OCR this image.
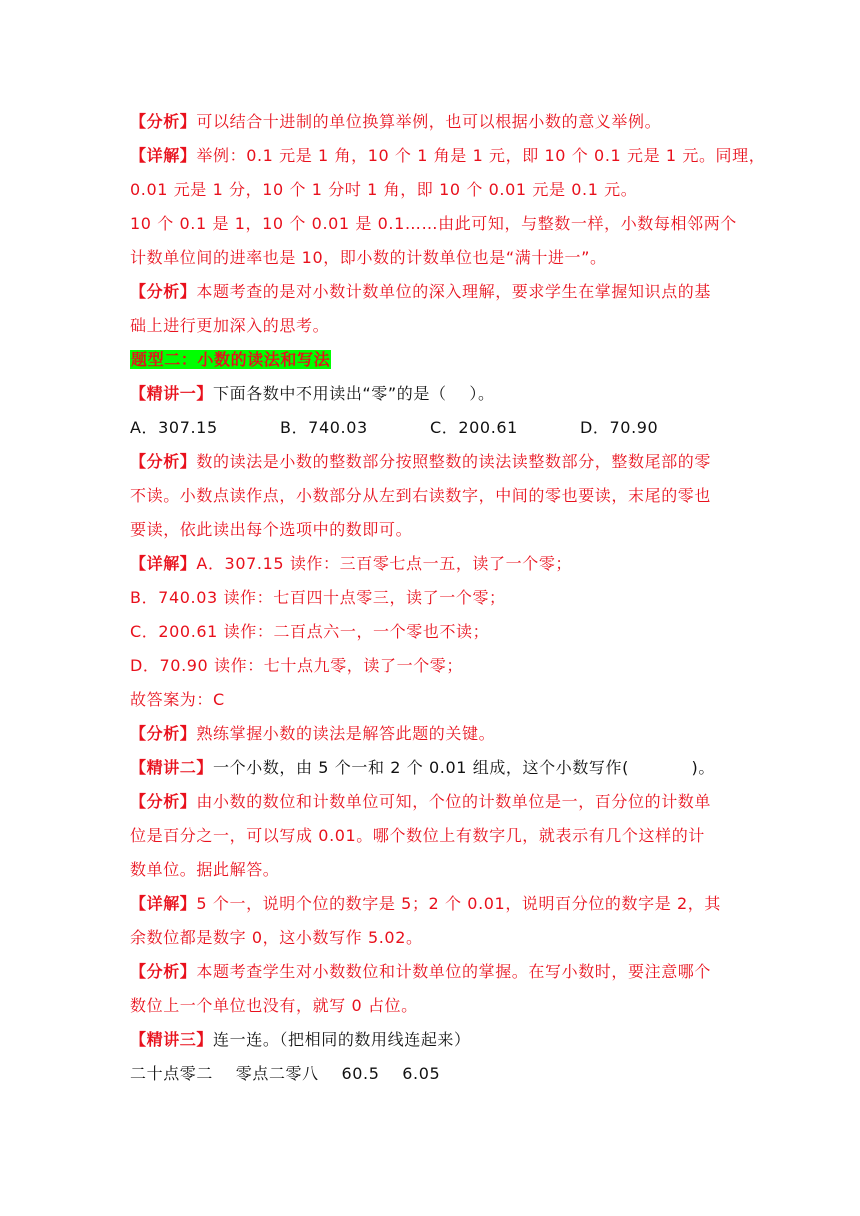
【分析】可以结合十进制的单位换算举例，也可以根据小数的意义举例。
【详解】举例：0.1 元是 1 角，10 个 1 角是 1 元，即 10 个 0.1 元是 1 元。同理，
0.01 元是 1 分，10 个 1 分吋 1 角，即 10 个 0.01 元是 0.1 元。
10 个 0.1 是 1，10 个 0.01 是 0.1……由此可知，与整数一样，小数每相邻两个
计数单位间的进率也是 10，即小数的计数单位也是“满十进一”。
【分析】本题考查的是对小数计数单位的深入理解，要求学生在掌握知识点的基
础上进行更加深入的思考。
题型二：小数的读法和写法
【精讲一】下面各数中不用读出“零”的是（    ）。
A．307.15	B．740.03	C．200.61	D．70.90
【分析】数的读法是小数的整数部分按照整数的读法读整数部分，整数尾部的零
不读。小数点读作点，小数部分从左到右读数字，中间的零也要读，末尾的零也
要读，依此读出每个选项中的数即可。
【详解】A．307.15 读作：三百零七点一五，读了一个零；
B．740.03 读作：七百四十点零三，读了一个零；
C．200.61 读作：二百点六一，一个零也不读；
D．70.90 读作：七十点九零，读了一个零；
故答案为：C
【分析】熟练掌握小数的读法是解答此题的关键。
【精讲二】一个小数，由 5 个一和 2 个 0.01 组成，这个小数写作(           )。
【分析】由小数的数位和计数单位可知，个位的计数单位是一，百分位的计数单
位是百分之一，可以写成 0.01。哪个数位上有数字几，就表示有几个这样的计
数单位。据此解答。
【详解】5 个一，说明个位的数字是 5；2 个 0.01，说明百分位的数字是 2，其
余数位都是数字 0，这小数写作 5.02。
【分析】本题考查学生对小数数位和计数单位的掌握。在写小数时，要注意哪个
数位上一个单位也没有，就写 0 占位。
【精讲三】连一连。（把相同的数用线连起来）
二十点零二    零点二零八    60.5    6.05
